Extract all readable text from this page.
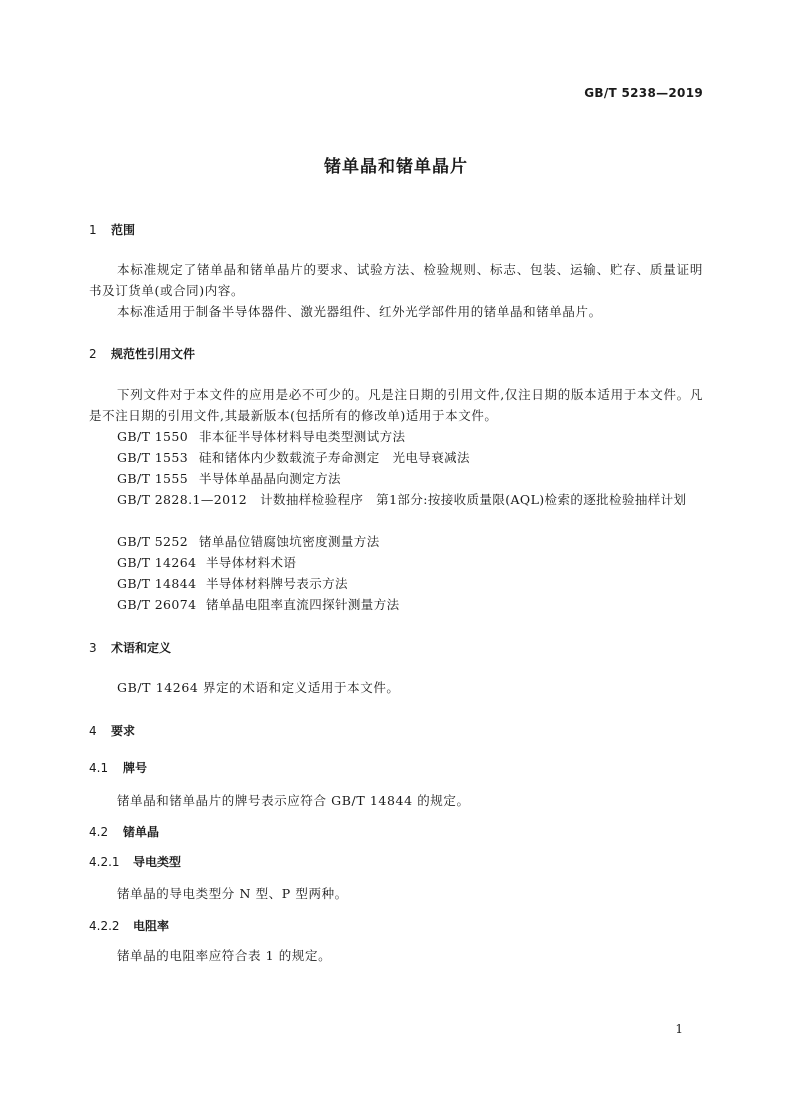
GB/T 5238—2019
锗单晶和锗单晶片
1 范围

本标准规定了锗单晶和锗单晶片的要求、试验方法、检验规则、标志、包装、运输、贮存、质量证明书及订货单(或合同)内容。

本标准适用于制备半导体器件、激光器组件、红外光学部件用的锗单晶和锗单晶片。

2 规范性引用文件

下列文件对于本文件的应用是必不可少的。凡是注日期的引用文件,仅注日期的版本适用于本文件。凡是不注日期的引用文件,其最新版本(包括所有的修改单)适用于本文件。

GB/T 1550 非本征半导体材料导电类型测试方法
GB/T 1553 硅和锗体内少数载流子寿命测定　光电导衰减法
GB/T 1555 半导体单晶晶向测定方法
GB/T 2828.1—2012　 计数抽样检验程序　第1部分:按接收质量限(AQL)检索的逐批检验抽样计划
GB/T 5252 锗单晶位错腐蚀坑密度测量方法
GB/T 14264 半导体材料术语
GB/T 14844 半导体材料牌号表示方法
GB/T 26074 锗单晶电阻率直流四探针测量方法
3 术语和定义

GB/T 14264 界定的术语和定义适用于本文件。

4 要求
4.1 牌号

锗单晶和锗单晶片的牌号表示应符合 GB/T 14844 的规定。

4.2 锗单晶
4.2.1 导电类型

锗单晶的导电类型分 N 型、P 型两种。

4.2.2 电阻率

锗单晶的电阻率应符合表 1 的规定。

1
